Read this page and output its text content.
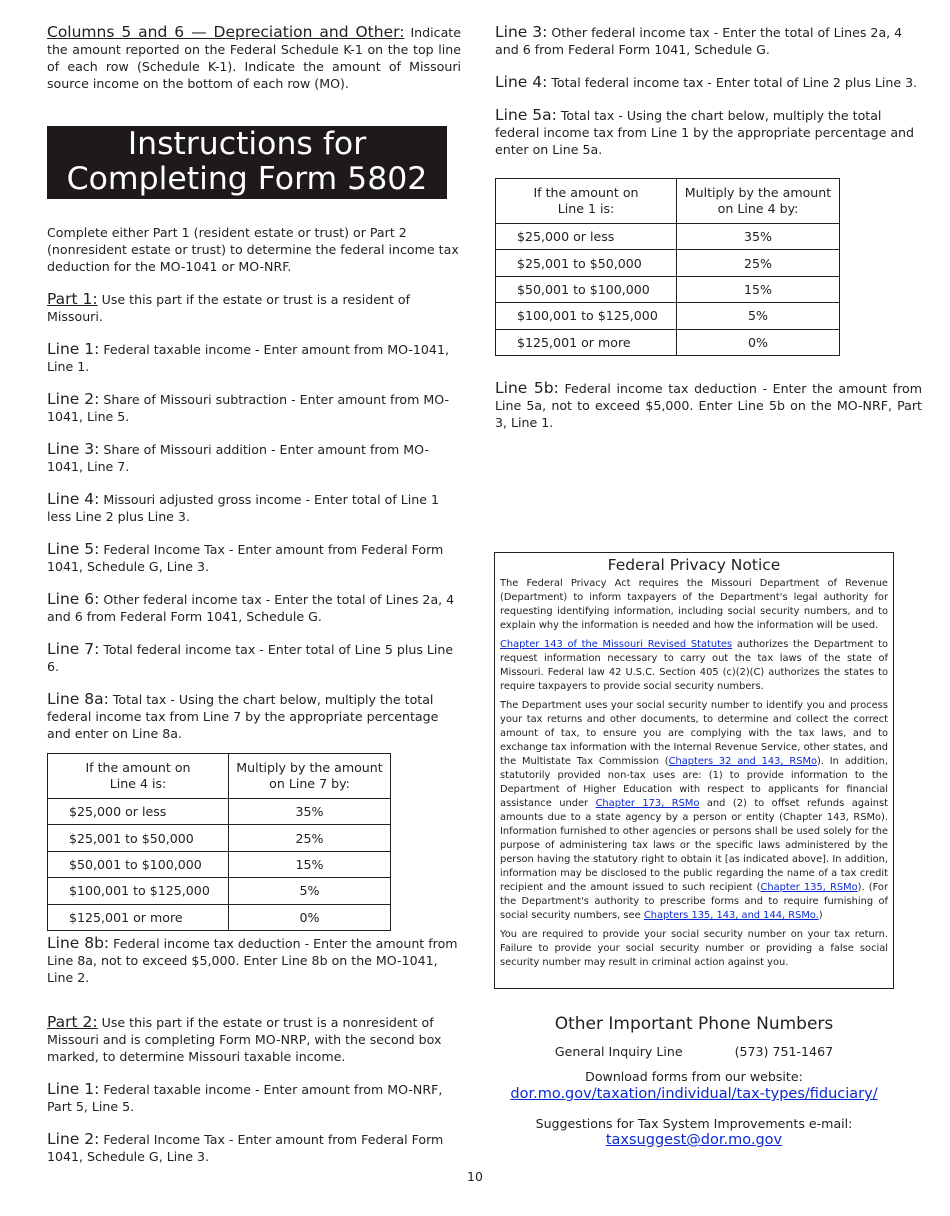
Columns 5 and 6 — Depreciation and Other: Indicate the amount reported on the Federal Schedule K-1 on the top line of each row (Schedule K-1). Indicate the amount of Missouri source income on the bottom of each row (MO).

Instructions for
Completing Form 5802

Complete either Part 1 (resident estate or trust) or Part 2 (nonresident estate or trust) to determine the federal income tax deduction for the MO-1041 or MO-NRF.

Part 1: Use this part if the estate or trust is a resident of Missouri.

Line 1: Federal taxable income - Enter amount from MO-1041, Line 1.

Line 2: Share of Missouri subtraction - Enter amount from MO-1041, Line 5.

Line 3: Share of Missouri addition - Enter amount from MO-1041, Line 7.

Line 4: Missouri adjusted gross income - Enter total of Line 1 less Line 2 plus Line 3.

Line 5: Federal Income Tax - Enter amount from Federal Form 1041, Schedule G, Line 3.

Line 6: Other federal income tax - Enter the total of Lines 2a, 4 and 6 from Federal Form 1041, Schedule G.

Line 7: Total federal income tax - Enter total of Line 5 plus Line 6.

Line 8a: Total tax - Using the chart below, multiply the total federal income tax from Line 7 by the appropriate percentage and enter on Line 8a.

If the amount on
Line 4 is:	Multiply by the amount
on Line 7 by:
$25,000 or less	35%
$25,001 to $50,000	25%
$50,001 to $100,000	15%
$100,001 to $125,000	5%
$125,001 or more	0%

Line 8b: Federal income tax deduction - Enter the amount from Line 8a, not to exceed $5,000. Enter Line 8b on the MO-1041, Line 2.

Part 2: Use this part if the estate or trust is a nonresident of Missouri and is completing Form MO-NRP, with the second box marked, to determine Missouri taxable income.

Line 1: Federal taxable income - Enter amount from MO-NRF, Part 5, Line 5.

Line 2: Federal Income Tax - Enter amount from Federal Form 1041, Schedule G, Line 3.

Line 3: Other federal income tax - Enter the total of Lines 2a, 4 and 6 from Federal Form 1041, Schedule G.

Line 4: Total federal income tax - Enter total of Line 2 plus Line 3.

Line 5a: Total tax - Using the chart below, multiply the total federal income tax from Line 1 by the appropriate percentage and enter on Line 5a.

If the amount on
Line 1 is:	Multiply by the amount
on Line 4 by:
$25,000 or less	35%
$25,001 to $50,000	25%
$50,001 to $100,000	15%
$100,001 to $125,000	5%
$125,001 or more	0%

Line 5b: Federal income tax deduction - Enter the amount from Line 5a, not to exceed $5,000. Enter Line 5b on the MO-NRF, Part 3, Line 1.

Federal Privacy Notice

The Federal Privacy Act requires the Missouri Department of Revenue (Department) to inform taxpayers of the Department's legal authority for requesting identifying information, including social security numbers, and to explain why the information is needed and how the information will be used.

Chapter 143 of the Missouri Revised Statutes authorizes the Department to request information necessary to carry out the tax laws of the state of Missouri. Federal law 42 U.S.C. Section 405 (c)(2)(C) authorizes the states to require taxpayers to provide social security numbers.

The Department uses your social security number to identify you and process your tax returns and other documents, to determine and collect the correct amount of tax, to ensure you are complying with the tax laws, and to exchange tax information with the Internal Revenue Service, other states, and the Multistate Tax Commission (Chapters 32 and 143, RSMo). In addition, statutorily provided non-tax uses are: (1) to provide information to the Department of Higher Education with respect to applicants for financial assistance under Chapter 173, RSMo and (2) to offset refunds against amounts due to a state agency by a person or entity (Chapter 143, RSMo). Information furnished to other agencies or persons shall be used solely for the purpose of administering tax laws or the specific laws administered by the person having the statutory right to obtain it [as indicated above]. In addition, information may be disclosed to the public regarding the name of a tax credit recipient and the amount issued to such recipient (Chapter 135, RSMo). (For the Department's authority to prescribe forms and to require furnishing of social security numbers, see Chapters 135, 143, and 144, RSMo.)

You are required to provide your social security number on your tax return. Failure to provide your social security number or providing a false social security number may result in criminal action against you.

Other Important Phone Numbers

General Inquiry Line	(573) 751-1467

Download forms from our website:

dor.mo.gov/taxation/individual/tax-types/fiduciary/

Suggestions for Tax System Improvements e-mail:

taxsuggest@dor.mo.gov

10
